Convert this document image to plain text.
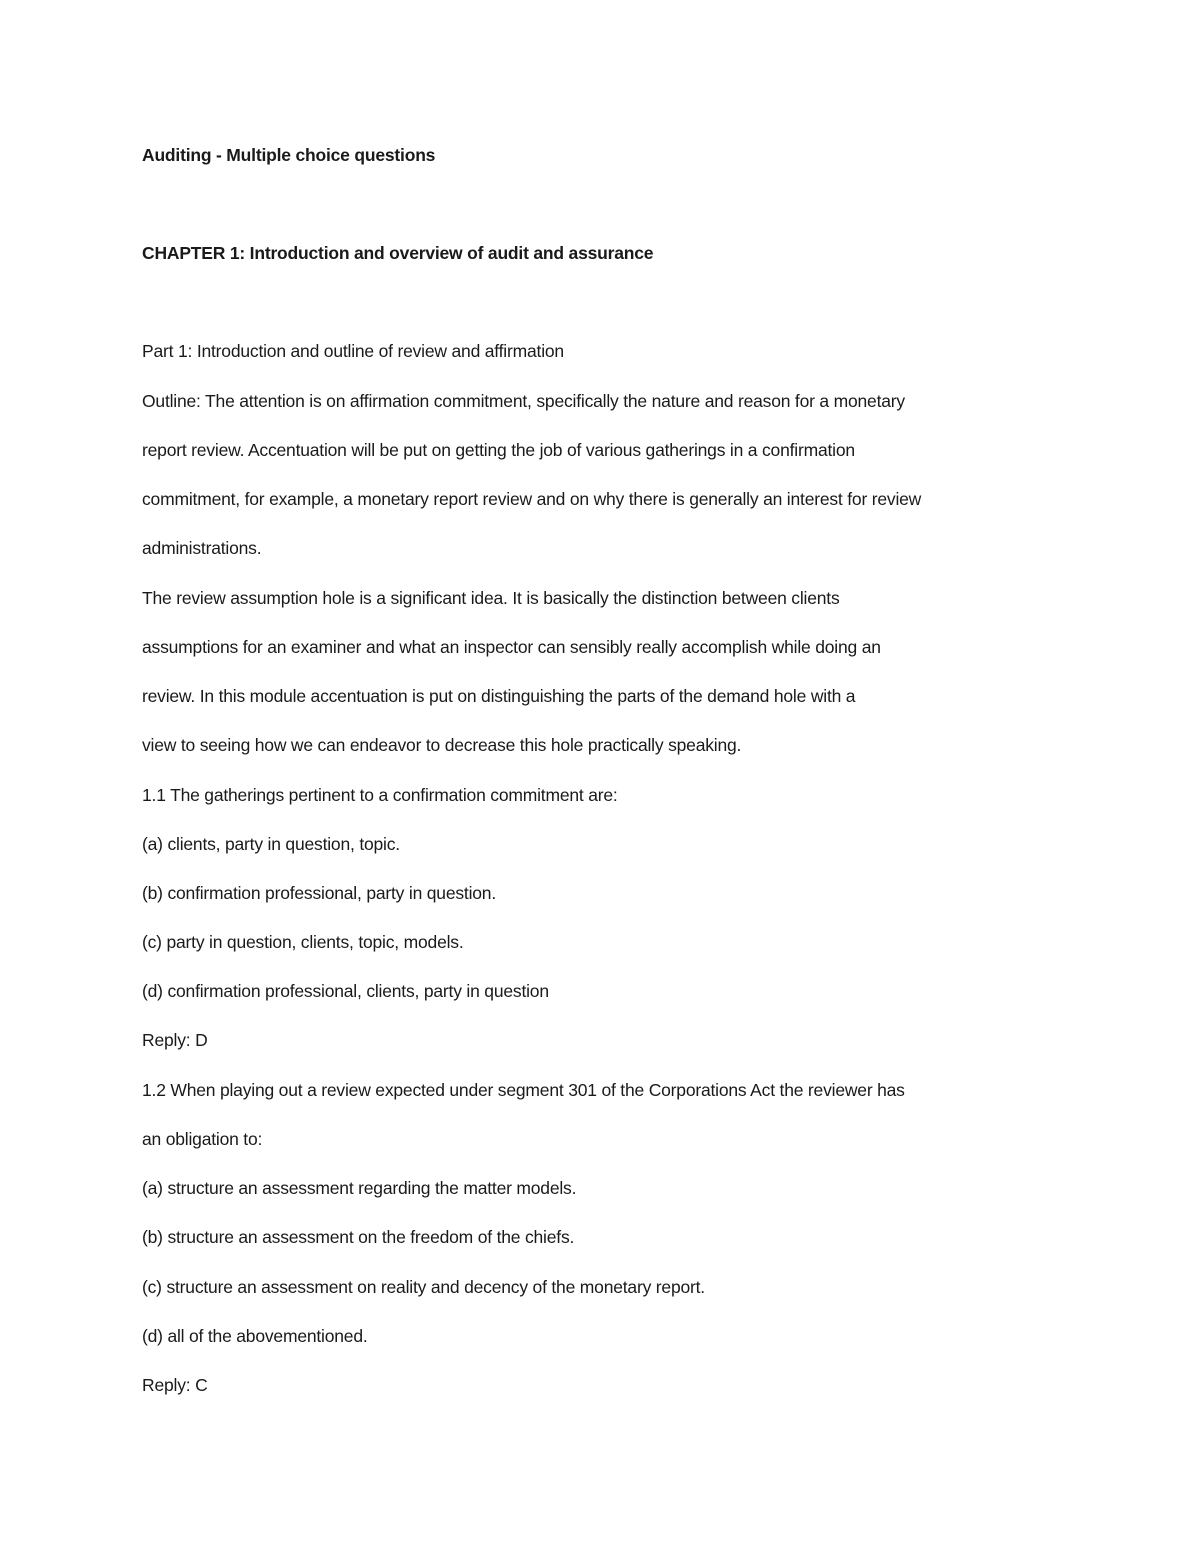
Auditing - Multiple choice questions
CHAPTER 1: Introduction and overview of audit and assurance
Part 1: Introduction and outline of review and affirmation
Outline: The attention is on affirmation commitment, specifically the nature and reason for a monetary
report review. Accentuation will be put on getting the job of various gatherings in a confirmation
commitment, for example, a monetary report review and on why there is generally an interest for review
administrations.
The review assumption hole is a significant idea. It is basically the distinction between clients
assumptions for an examiner and what an inspector can sensibly really accomplish while doing an
review. In this module accentuation is put on distinguishing the parts of the demand hole with a
view to seeing how we can endeavor to decrease this hole practically speaking.
1.1 The gatherings pertinent to a confirmation commitment are:
(a) clients, party in question, topic.
(b) confirmation professional, party in question.
(c) party in question, clients, topic, models.
(d) confirmation professional, clients, party in question
Reply: D
1.2 When playing out a review expected under segment 301 of the Corporations Act the reviewer has
an obligation to:
(a) structure an assessment regarding the matter models.
(b) structure an assessment on the freedom of the chiefs.
(c) structure an assessment on reality and decency of the monetary report.
(d) all of the abovementioned.
Reply: C
